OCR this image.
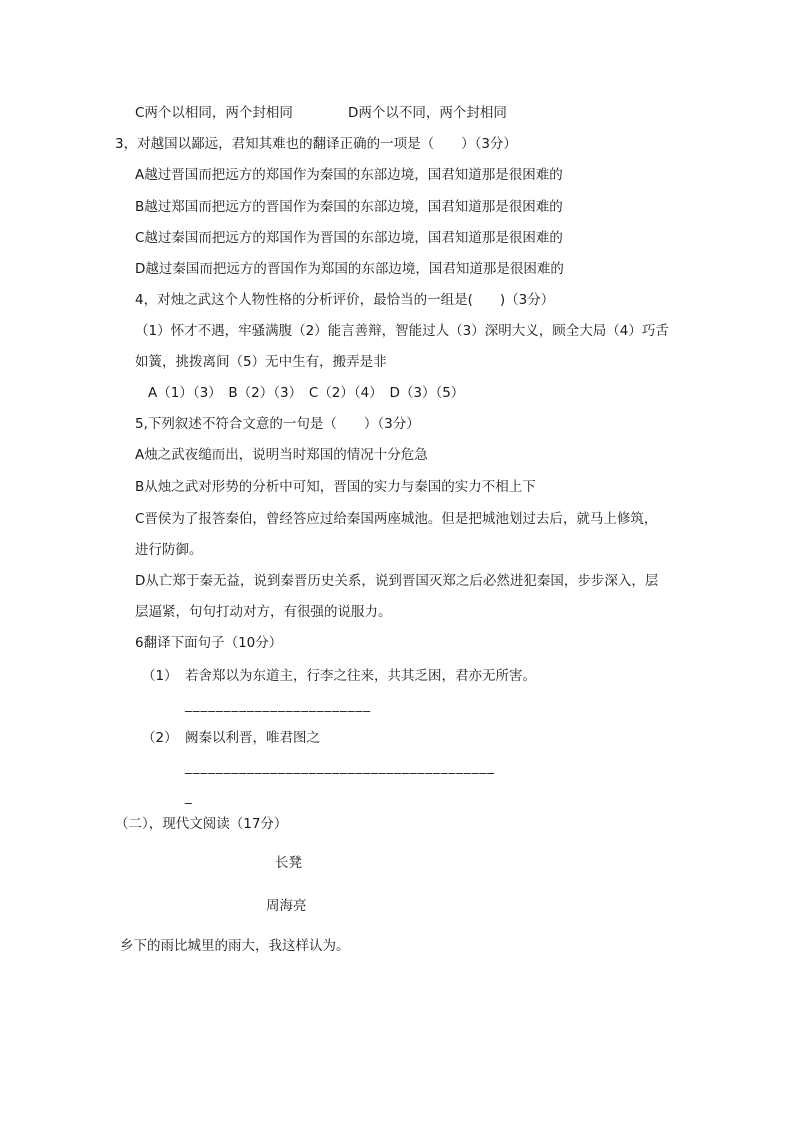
C两个以相同，两个封相同	D两个以不同，两个封相同
3，对越国以鄙远，君知其难也的翻译正确的一项是（　　）（3分）
A越过晋国而把远方的郑国作为秦国的东部边境，国君知道那是很困难的
B越过郑国而把远方的晋国作为秦国的东部边境，国君知道那是很困难的
C越过秦国而把远方的郑国作为晋国的东部边境，国君知道那是很困难的
D越过秦国而把远方的晋国作为郑国的东部边境，国君知道那是很困难的
4，对烛之武这个人物性格的分析评价，最恰当的一组是(　　)（3分）
（1）怀才不遇，牢骚满腹（2）能言善辩，智能过人（3）深明大义，顾全大局（4）巧舌
如簧，挑拨离间（5）无中生有，搬弄是非
A（1）（3）　B（2）（3）　C（2）（4）　D（3）（5）
5,下列叙述不符合文意的一句是（　　）（3分）
A烛之武夜缒而出，说明当时郑国的情况十分危急
B从烛之武对形势的分析中可知，晋国的实力与秦国的实力不相上下
C晋侯为了报答秦伯，曾经答应过给秦国两座城池。但是把城池划过去后，就马上修筑，
进行防御。
D从亡郑于秦无益，说到秦晋历史关系，说到晋国灭郑之后必然进犯秦国，步步深入，层
层逼紧，句句打动对方，有很强的说服力。
6翻译下面句子（10分）
（1） 若舍郑以为东道主，行李之往来，共其乏困，君亦无所害。
________________________
（2） 阙秦以利晋，唯君图之
________________________________________
_
（二），现代文阅读（17分）
长凳
周海亮
乡下的雨比城里的雨大，我这样认为。
